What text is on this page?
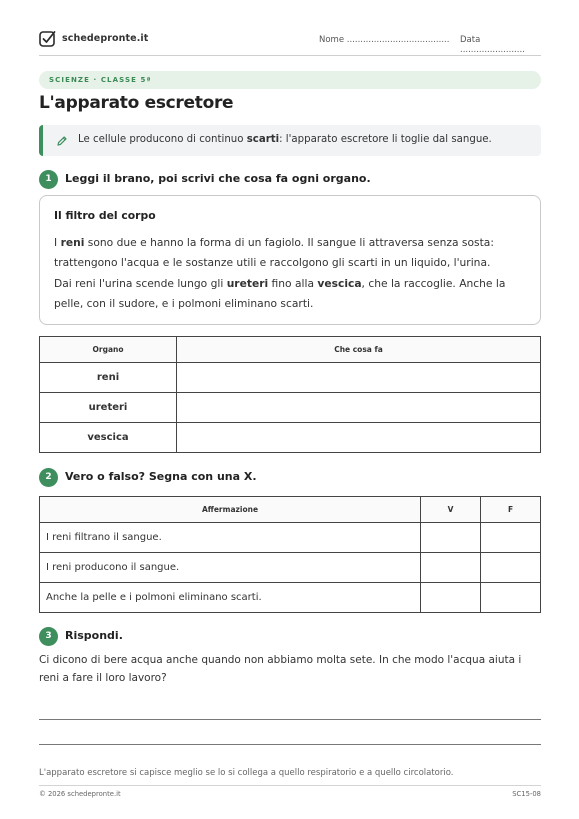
schedepronte.it	Nome ...................................... Data ........................
SCIENZE · CLASSE 5ª
L'apparato escretore
Le cellule producono di continuo scarti: l'apparato escretore li toglie dal sangue.
1	Leggi il brano, poi scrivi che cosa fa ogni organo.
Il filtro del corpo
I reni sono due e hanno la forma di un fagiolo. Il sangue li attraversa senza sosta:
trattengono l'acqua e le sostanze utili e raccolgono gli scarti in un liquido, l'urina.
Dai reni l'urina scende lungo gli ureteri fino alla vescica, che la raccoglie. Anche la
pelle, con il sudore, e i polmoni eliminano scarti.
Organo	Che cosa fa
reni	
ureteri	
vescica	
2	Vero o falso? Segna con una X.
Affermazione	V	F
I reni filtrano il sangue.		
I reni producono il sangue.		
Anche la pelle e i polmoni eliminano scarti.		
3	Rispondi.
Ci dicono di bere acqua anche quando non abbiamo molta sete. In che modo l'acqua aiuta i reni a fare il loro lavoro?
L'apparato escretore si capisce meglio se lo si collega a quello respiratorio e a quello circolatorio.
© 2026 schedepronte.it	SC15-08
